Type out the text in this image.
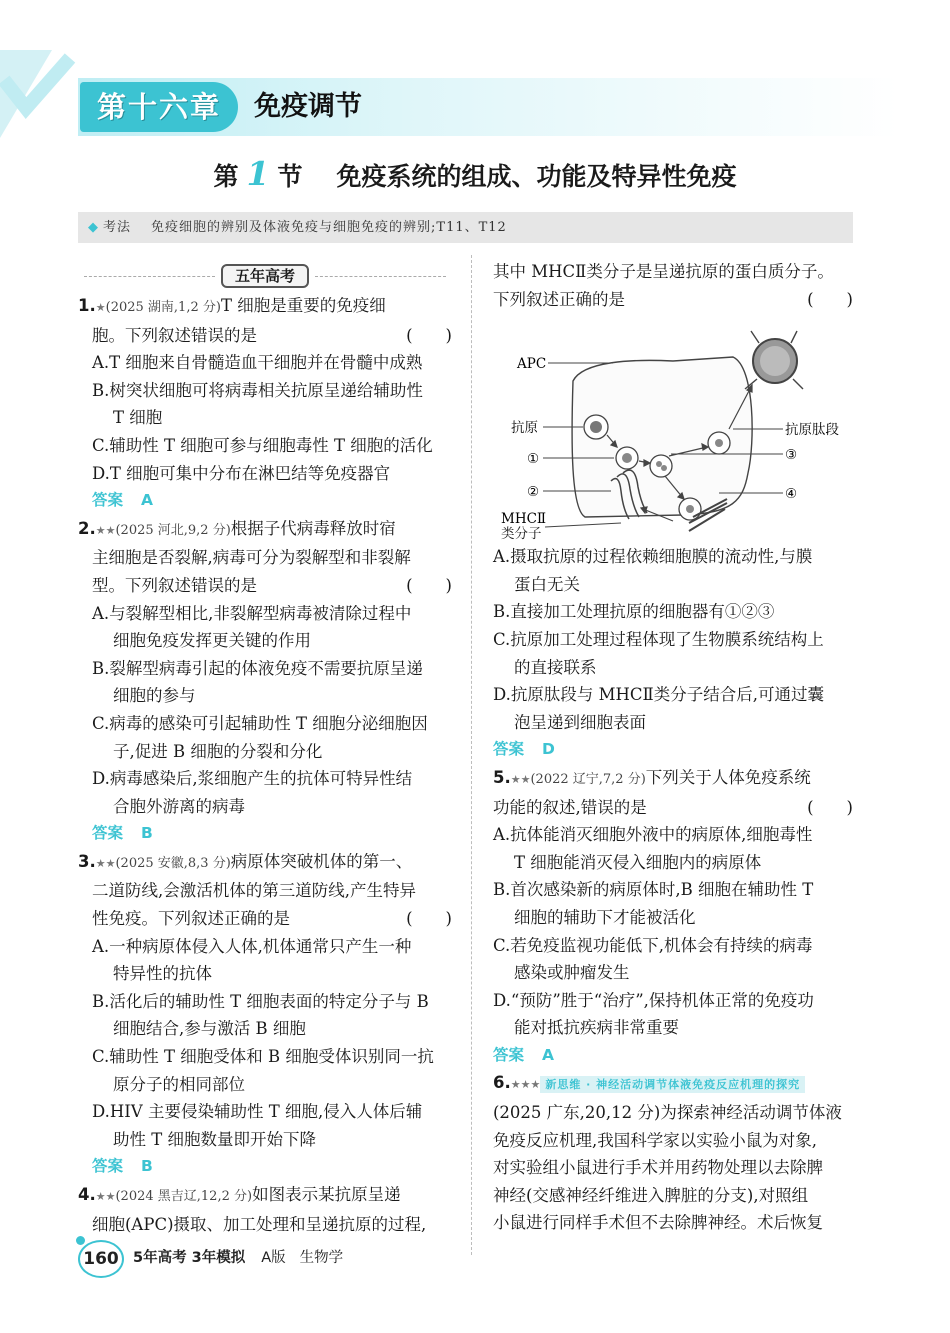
第十六章	免疫调节
第 1 节 免疫系统的组成、功能及特异性免疫
◆ 考法 免疫细胞的辨别及体液免疫与细胞免疫的辨别;T11、T12
五年高考
1.★(2025 湖南,1,2 分)T 细胞是重要的免疫细
胞。下列叙述错误的是	(　　)
A.T 细胞来自骨髓造血干细胞并在骨髓中成熟
B.树突状细胞可将病毒相关抗原呈递给辅助性
T 细胞
C.辅助性 T 细胞可参与细胞毒性 T 细胞的活化
D.T 细胞可集中分布在淋巴结等免疫器官
答案 A
2.★★(2025 河北,9,2 分)根据子代病毒释放时宿
主细胞是否裂解,病毒可分为裂解型和非裂解
型。下列叙述错误的是	(　　)
A.与裂解型相比,非裂解型病毒被清除过程中
细胞免疫发挥更关键的作用
B.裂解型病毒引起的体液免疫不需要抗原呈递
细胞的参与
C.病毒的感染可引起辅助性 T 细胞分泌细胞因
子,促进 B 细胞的分裂和分化
D.病毒感染后,浆细胞产生的抗体可特异性结
合胞外游离的病毒
答案 B
3.★★(2025 安徽,8,3 分)病原体突破机体的第一、
二道防线,会激活机体的第三道防线,产生特异
性免疫。下列叙述正确的是	(　　)
A.一种病原体侵入人体,机体通常只产生一种
特异性的抗体
B.活化后的辅助性 T 细胞表面的特定分子与 B
细胞结合,参与激活 B 细胞
C.辅助性 T 细胞受体和 B 细胞受体识别同一抗
原分子的相同部位
D.HIV 主要侵染辅助性 T 细胞,侵入人体后辅
助性 T 细胞数量即开始下降
答案 B
4.★★(2024 黑吉辽,12,2 分)如图表示某抗原呈递
细胞(APC)摄取、加工处理和呈递抗原的过程,
其中 MHCⅡ类分子是呈递抗原的蛋白质分子。
下列叙述正确的是	(　　)
APC
抗原
①
②
MHCⅡ
③
④
抗原肽段
类分子
A.摄取抗原的过程依赖细胞膜的流动性,与膜
蛋白无关
B.直接加工处理抗原的细胞器有①②③
C.抗原加工处理过程体现了生物膜系统结构上
的直接联系
D.抗原肽段与 MHCⅡ类分子结合后,可通过囊
泡呈递到细胞表面
答案 D
5.★★(2022 辽宁,7,2 分)下列关于人体免疫系统
功能的叙述,错误的是	(　　)
A.抗体能消灭细胞外液中的病原体,细胞毒性
T 细胞能消灭侵入细胞内的病原体
B.首次感染新的病原体时,B 细胞在辅助性 T
细胞的辅助下才能被活化
C.若免疫监视功能低下,机体会有持续的病毒
感染或肿瘤发生
D.“预防”胜于“治疗”,保持机体正常的免疫功
能对抵抗疾病非常重要
答案 A
6.★★★ 新思维 · 神经活动调节体液免疫反应机理的探究
(2025 广东,20,12 分)为探索神经活动调节体液
免疫反应机理,我国科学家以实验小鼠为对象,
对实验组小鼠进行手术并用药物处理以去除脾
神经(交感神经纤维进入脾脏的分支),对照组
小鼠进行同样手术但不去除脾神经。术后恢复
160 5年高考 3年模拟 A版 生物学
